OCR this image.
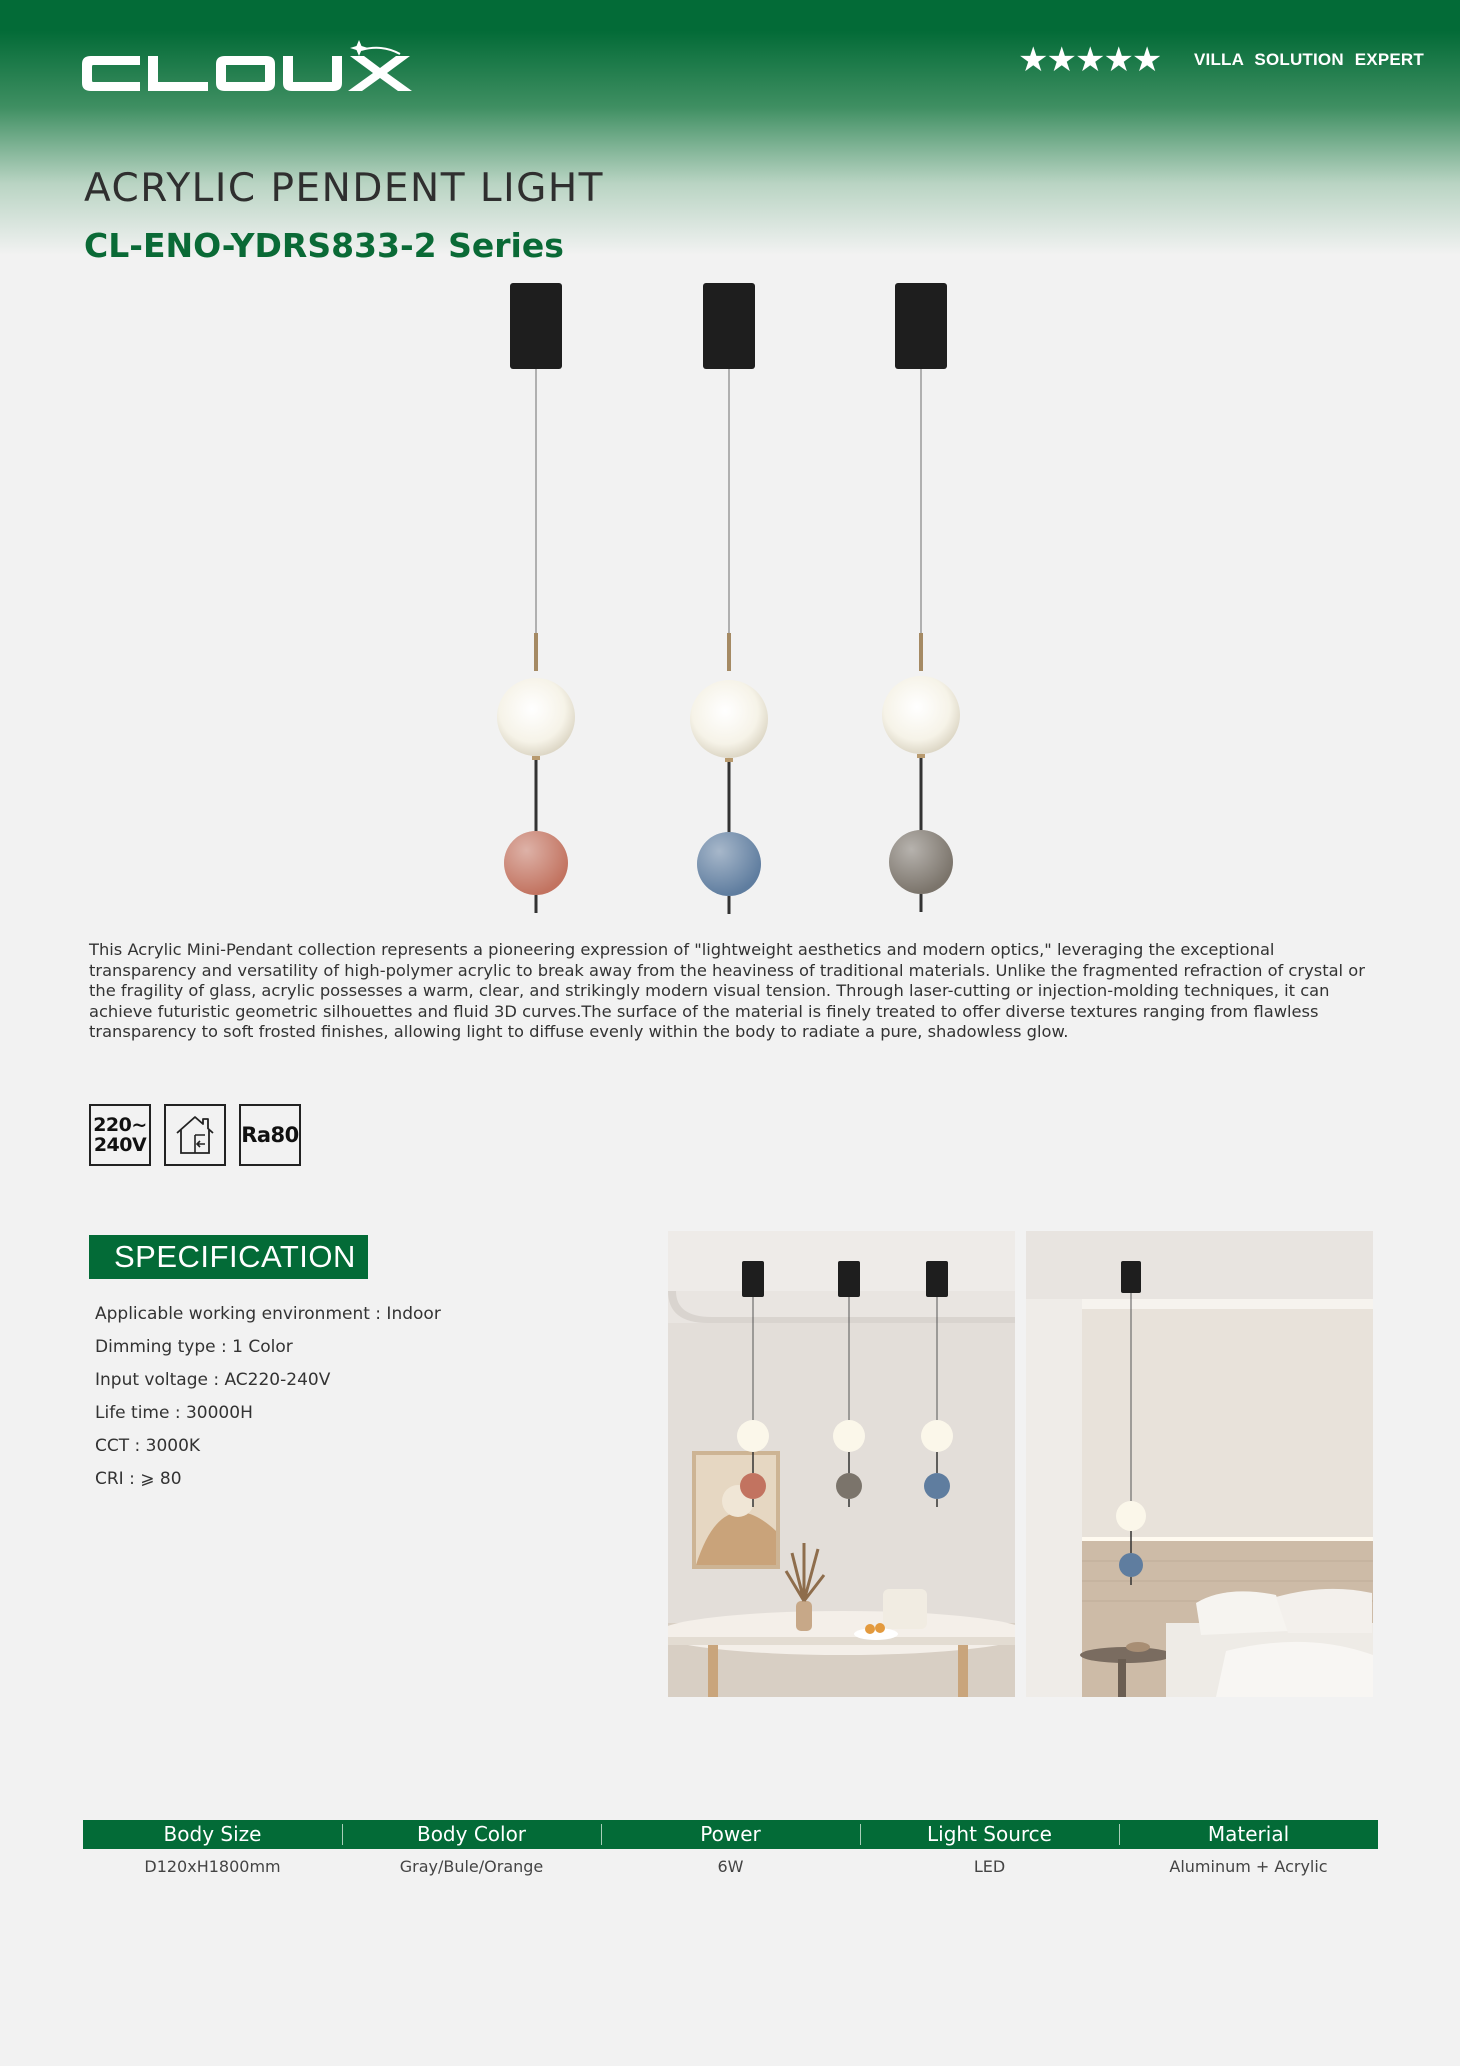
★★★★★ VILLA SOLUTION EXPERT
ACRYLIC PENDENT LIGHT
CL-ENO-YDRS833-2 Series

This Acrylic Mini-Pendant collection represents a pioneering expression of "lightweight aesthetics and modern optics," leveraging the exceptional transparency and versatility of high-polymer acrylic to break away from the heaviness of traditional materials. Unlike the fragmented refraction of crystal or the fragility of glass, acrylic possesses a warm, clear, and strikingly modern visual tension. Through laser-cutting or injection-molding techniques, it can achieve futuristic geometric silhouettes and fluid 3D curves.The surface of the material is finely treated to offer diverse textures ranging from flawless transparency to soft frosted finishes, allowing light to diffuse evenly within the body to radiate a pure, shadowless glow.

220~
240V	Ra80
SPECIFICATION
Applicable working environment : Indoor
Dimming type : 1 Color
Input voltage : AC220-240V
Life time : 30000H
CCT : 3000K
CRI : ⩾ 80
Body Size	Body Color	Power	Light Source	Material
D120xH1800mm	Gray/Bule/Orange	6W	LED	Aluminum + Acrylic
